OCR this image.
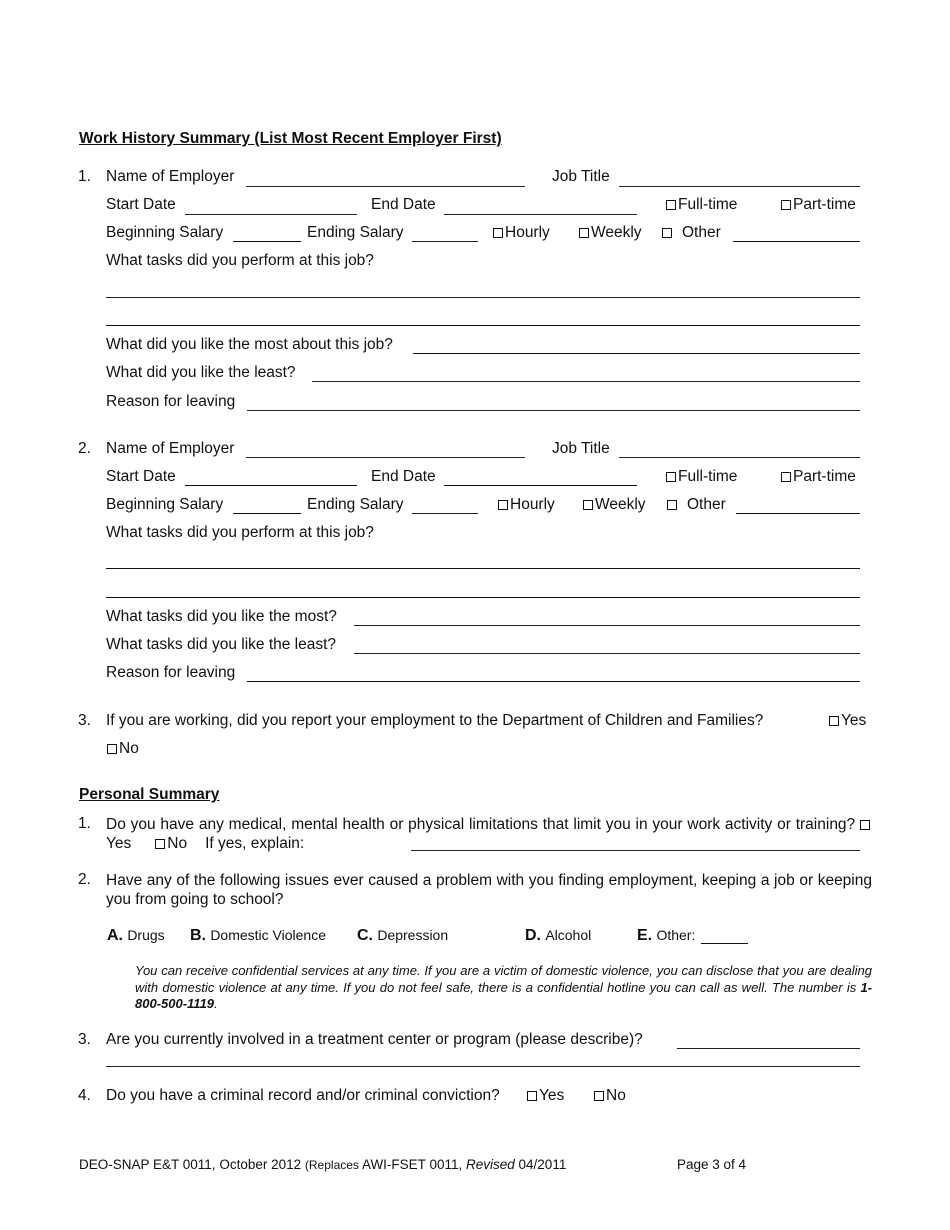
Work History Summary (List Most Recent Employer First)
1. Name of Employer	Job Title
Start Date	End Date	Full-time	Part-time
Beginning Salary	Ending Salary	Hourly	Weekly	Other
What tasks did you perform at this job?
What did you like the most about this job?
What did you like the least?
Reason for leaving
2. Name of Employer	Job Title
Start Date	End Date	Full-time	Part-time
Beginning Salary	Ending Salary	Hourly	Weekly	Other
What tasks did you perform at this job?
What tasks did you like the most?
What tasks did you like the least?
Reason for leaving
3. If you are working, did you report your employment to the Department of Children and Families?	Yes
No
Personal Summary
1. Do you have any medical, mental health or physical limitations that limit you in your work activity or training? Yes No If yes, explain:
2. Have any of the following issues ever caused a problem with you finding employment, keeping a job or keeping you from going to school?
A. Drugs B. Domestic Violence C. Depression	D. Alcohol	E. Other:
You can receive confidential services at any time. If you are a victim of domestic violence, you can disclose that you are dealing with domestic violence at any time. If you do not feel safe, there is a confidential hotline you can call as well. The number is 1-800-500-1119.
3. Are you currently involved in a treatment center or program (please describe)?
4. Do you have a criminal record and/or criminal conviction?	Yes	No
DEO-SNAP E&T 0011, October 2012 (Replaces AWI-FSET 0011, Revised 04/2011	Page 3 of 4
